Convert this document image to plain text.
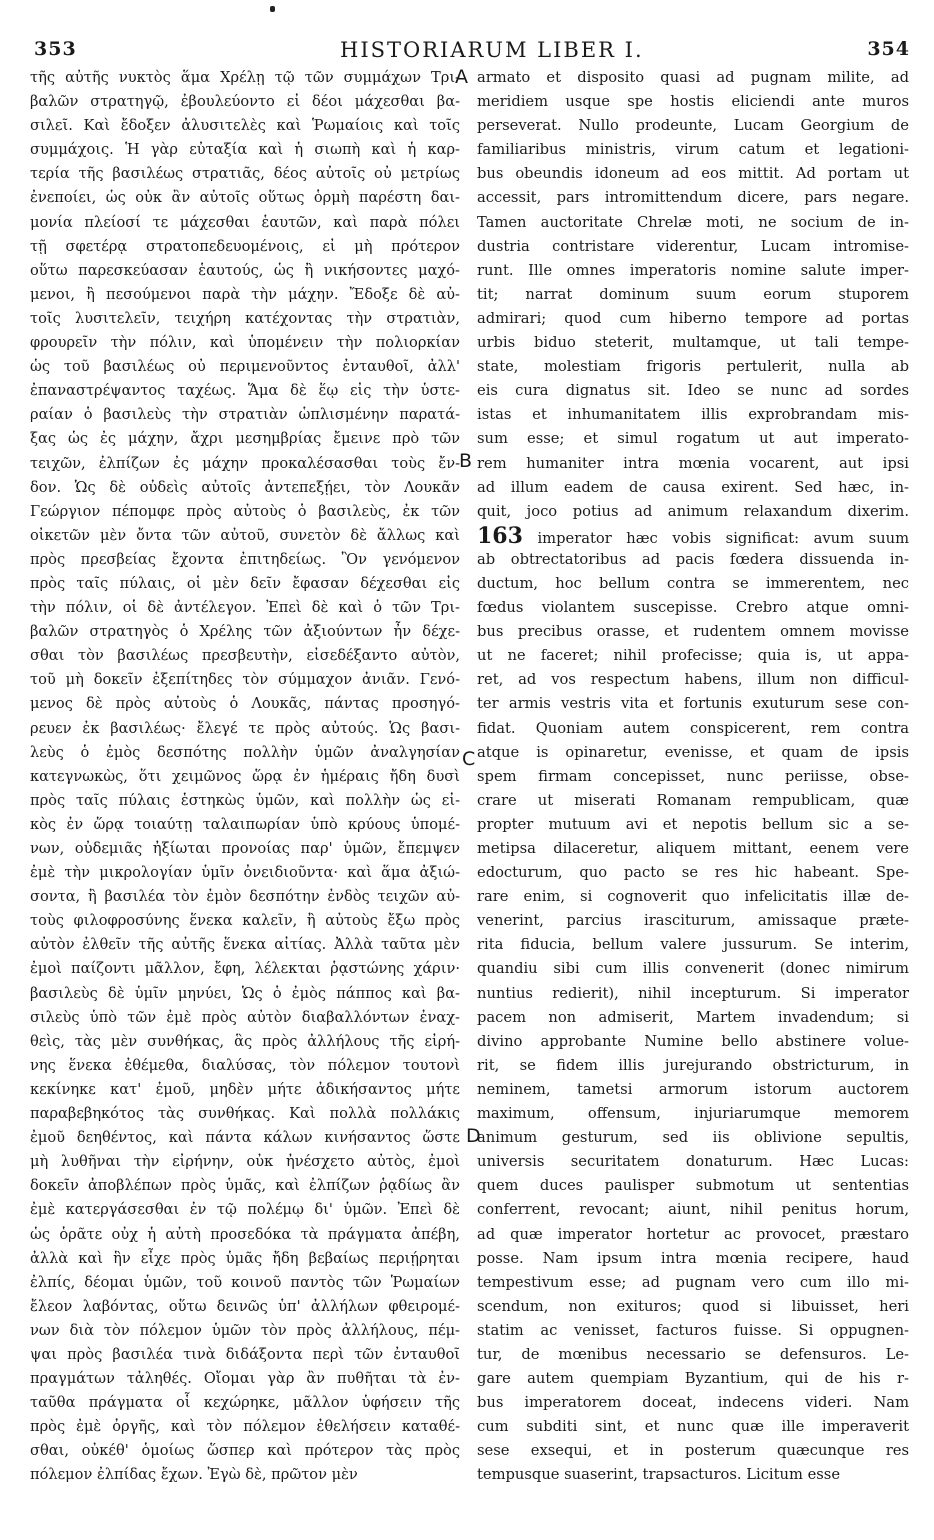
353	HISTORIARUM LIBER I.	354
τῆς αὐτῆς νυκτὸς ἅμα Χρέλῃ τῷ τῶν συμμάχων Τρι-
βαλῶν στρατηγῷ, ἐβουλεύοντο εἰ δέοι μάχεσθαι βα-
σιλεῖ. Καὶ ἔδοξεν ἀλυσιτελὲς καὶ Ῥωμαίοις καὶ τοῖς
συμμάχοις. Ἡ γὰρ εὐταξία καὶ ἡ σιωπὴ καὶ ἡ καρ-
τερία τῆς βασιλέως στρατιᾶς, δέος αὐτοῖς οὐ μετρίως
ἐνεποίει, ὡς οὐκ ἂν αὐτοῖς οὕτως ὁρμὴ παρέστη δαι-
μονία πλείοσί τε μάχεσθαι ἑαυτῶν, καὶ παρὰ πόλει
τῇ σφετέρᾳ στρατοπεδευομένοις, εἰ μὴ πρότερον
οὕτω παρεσκεύασαν ἑαυτούς, ὡς ἢ νικήσοντες μαχό-
μενοι, ἢ πεσούμενοι παρὰ τὴν μάχην. Ἔδοξε δὲ αὐ-
τοῖς λυσιτελεῖν, τειχήρη κατέχοντας τὴν στρατιὰν,
φρουρεῖν τὴν πόλιν, καὶ ὑπομένειν τὴν πολιορκίαν
ὡς τοῦ βασιλέως οὐ περιμενοῦντος ἐνταυθοῖ, ἀλλ'
ἐπαναστρέψαντος ταχέως. Ἅμα δὲ ἕῳ εἰς τὴν ὑστε-
ραίαν ὁ βασιλεὺς τὴν στρατιὰν ὡπλισμένην παρατά-
ξας ὡς ἐς μάχην, ἄχρι μεσημβρίας ἔμεινε πρὸ τῶν
τειχῶν, ἐλπίζων ἐς μάχην προκαλέσασθαι τοὺς ἔν-
δον. Ὡς δὲ οὐδεὶς αὐτοῖς ἀντεπεξῄει, τὸν Λουκᾶν
Γεώργιον πέπομφε πρὸς αὐτοὺς ὁ βασιλεὺς, ἐκ τῶν
οἰκετῶν μὲν ὄντα τῶν αὐτοῦ, συνετὸν δὲ ἄλλως καὶ
πρὸς πρεσβείας ἔχοντα ἐπιτηδείως. Ὃν γενόμενον
πρὸς ταῖς πύλαις, οἱ μὲν δεῖν ἔφασαν δέχεσθαι εἰς
τὴν πόλιν, οἱ δὲ ἀντέλεγον. Ἐπεὶ δὲ καὶ ὁ τῶν Τρι-
βαλῶν στρατηγὸς ὁ Χρέλης τῶν ἀξιούντων ἦν δέχε-
σθαι τὸν βασιλέως πρεσβευτὴν, εἰσεδέξαντο αὐτὸν,
τοῦ μὴ δοκεῖν ἐξεπίτηδες τὸν σύμμαχον ἀνιᾶν. Γενό-
μενος δὲ πρὸς αὐτοὺς ὁ Λουκᾶς, πάντας προσηγό-
ρευεν ἐκ βασιλέως· ἔλεγέ τε πρὸς αὐτούς. Ὡς βασι-
λεὺς ὁ ἐμὸς δεσπότης πολλὴν ὑμῶν ἀναλγησίαν
κατεγνωκὼς, ὅτι χειμῶνος ὥρᾳ ἐν ἡμέραις ἤδη δυσὶ
πρὸς ταῖς πύλαις ἑστηκὼς ὑμῶν, καὶ πολλὴν ὡς εἰ-
κὸς ἐν ὥρᾳ τοιαύτῃ ταλαιπωρίαν ὑπὸ κρύους ὑπομέ-
νων, οὐδεμιᾶς ἠξίωται προνοίας παρ' ὑμῶν, ἔπεμψεν
ἐμὲ τὴν μικρολογίαν ὑμῖν ὀνειδιοῦντα· καὶ ἅμα ἀξιώ-
σοντα, ἢ βασιλέα τὸν ἐμὸν δεσπότην ἐνδὸς τειχῶν αὐ-
τοὺς φιλοφροσύνης ἕνεκα καλεῖν, ἢ αὐτοὺς ἔξω πρὸς
αὐτὸν ἐλθεῖν τῆς αὐτῆς ἕνεκα αἰτίας. Ἀλλὰ ταῦτα μὲν
ἐμοὶ παίζοντι μᾶλλον, ἔφη, λέλεκται ῥᾳστώνης χάριν·
βασιλεὺς δὲ ὑμῖν μηνύει, Ὡς ὁ ἐμὸς πάππος καὶ βα-
σιλεὺς ὑπὸ τῶν ἐμὲ πρὸς αὐτὸν διαβαλλόντων ἐναχ-
θεὶς, τὰς μὲν συνθήκας, ἃς πρὸς ἀλλήλους τῆς εἰρή-
νης ἕνεκα ἐθέμεθα, διαλύσας, τὸν πόλεμον τουτονὶ
κεκίνηκε κατ' ἐμοῦ, μηδὲν μήτε ἀδικήσαντος μήτε
παραβεβηκότος τὰς συνθήκας. Καὶ πολλὰ πολλάκις
ἐμοῦ δεηθέντος, καὶ πάντα κάλων κινήσαντος ὥστε
μὴ λυθῆναι τὴν εἰρήνην, οὐκ ἠνέσχετο αὐτὸς, ἐμοὶ
δοκεῖν ἀποβλέπων πρὸς ὑμᾶς, καὶ ἐλπίζων ῥᾳδίως ἂν
ἐμὲ κατεργάσεσθαι ἐν τῷ πολέμῳ δι' ὑμῶν. Ἐπεὶ δὲ
ὡς ὁρᾶτε οὐχ ἡ αὐτὴ προσεδόκα τὰ πράγματα ἀπέβη,
ἀλλὰ καὶ ἣν εἶχε πρὸς ὑμᾶς ἤδη βεβαίως περιῄρηται
ἐλπίς, δέομαι ὑμῶν, τοῦ κοινοῦ παντὸς τῶν Ῥωμαίων
ἔλεον λαβόντας, οὕτω δεινῶς ὑπ' ἀλλήλων φθειρομέ-
νων διὰ τὸν πόλεμον ὑμῶν τὸν πρὸς ἀλλήλους, πέμ-
ψαι πρὸς βασιλέα τινὰ διδάξοντα περὶ τῶν ἐνταυθοῖ
πραγμάτων τἀληθές. Οἴομαι γὰρ ἂν πυθῆται τὰ ἐν-
ταῦθα πράγματα οἷ κεχώρηκε, μᾶλλον ὑφήσειν τῆς
πρὸς ἐμὲ ὀργῆς, καὶ τὸν πόλεμον ἐθελήσειν καταθέ-
σθαι, οὐκέθ' ὁμοίως ὥσπερ καὶ πρότερον τὰς πρὸς
πόλεμον ἐλπίδας ἔχων. Ἐγὼ δὲ, πρῶτον μὲν
armato et disposito quasi ad pugnam milite, ad
meridiem usque spe hostis eliciendi ante muros
perseverat. Nullo prodeunte, Lucam Georgium de
familiaribus ministris, virum catum et legationi-
bus obeundis idoneum ad eos mittit. Ad portam ut
accessit, pars intromittendum dicere, pars negare.
Tamen auctoritate Chrelæ moti, ne socium de in-
dustria contristare viderentur, Lucam intromise-
runt. Ille omnes imperatoris nomine salute imper-
tit; narrat dominum suum eorum stuporem
admirari; quod cum hiberno tempore ad portas
urbis biduo steterit, multamque, ut tali tempe-
state, molestiam frigoris pertulerit, nulla ab
eis cura dignatus sit. Ideo se nunc ad sordes
istas et inhumanitatem illis exprobrandam mis-
sum esse; et simul rogatum ut aut imperato-
rem humaniter intra mœnia vocarent, aut ipsi
ad illum eadem de causa exirent. Sed hæc, in-
quit, joco potius ad animum relaxandum dixerim.
163 imperator hæc vobis significat: avum suum
ab obtrectatoribus ad pacis fœdera dissuenda in-
ductum, hoc bellum contra se immerentem, nec
fœdus violantem suscepisse. Crebro atque omni-
bus precibus orasse, et rudentem omnem movisse
ut ne faceret; nihil profecisse; quia is, ut appa-
ret, ad vos respectum habens, illum non difficul-
ter armis vestris vita et fortunis exuturum sese con-
fidat. Quoniam autem conspicerent, rem contra
atque is opinaretur, evenisse, et quam de ipsis
spem firmam concepisset, nunc periisse, obse-
crare ut miserati Romanam rempublicam, quæ
propter mutuum avi et nepotis bellum sic a se-
metipsa dilaceretur, aliquem mittant, eenem vere
edocturum, quo pacto se res hic habeant. Spe-
rare enim, si cognoverit quo infelicitatis illæ de-
venerint, parcius irasciturum, amissaque præte-
rita fiducia, bellum valere jussurum. Se interim,
quandiu sibi cum illis convenerit (donec nimirum
nuntius redierit), nihil incepturum. Si imperator
pacem non admiserit, Martem invadendum; si
divino approbante Numine bello abstinere volue-
rit, se fidem illis jurejurando obstricturum, in
neminem, tametsi armorum istorum auctorem
maximum, offensum, injuriarumque memorem
animum gesturum, sed iis oblivione sepultis,
universis securitatem donaturum. Hæc Lucas:
quem duces paulisper submotum ut sententias
conferrent, revocant; aiunt, nihil penitus horum,
ad quæ imperator hortetur ac provocet, præstaro
posse. Nam ipsum intra mœnia recipere, haud
tempestivum esse; ad pugnam vero cum illo mi-
scendum, non exituros; quod si libuisset, heri
statim ac venisset, facturos fuisse. Si oppugnen-
tur, de mœnibus necessario se defensuros. Le-
gare autem quempiam Byzantium, qui de his r-
bus imperatorem doceat, indecens videri. Nam
cum subditi sint, et nunc quæ ille imperaverit
sese exsequi, et in posterum quæcunque res
tempusque suaserint, trapsacturos. Licitum esse
A
B
C
D
